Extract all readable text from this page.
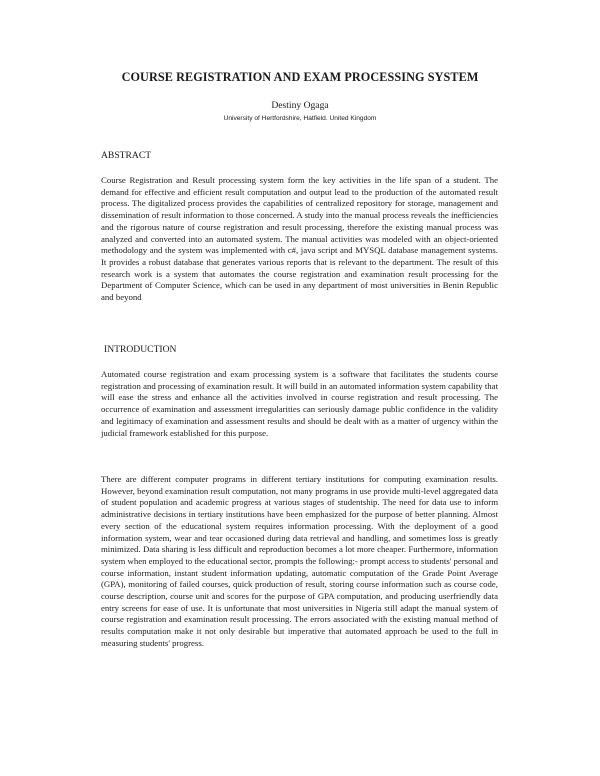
COURSE REGISTRATION AND EXAM PROCESSING SYSTEM
Destiny Ogaga
University of Hertfordshire, Hatfield. United Kingdom
ABSTRACT

Course Registration and Result processing system form the key activities in the life span of a student. The demand for effective and efficient result computation and output lead to the production of the automated result process. The digitalized process provides the capabilities of centralized repository for storage, management and dissemination of result information to those concerned. A study into the manual process reveals the inefficiencies and the rigorous nature of course registration and result processing, therefore the existing manual process was analyzed and converted into an automated system. The manual activities was modeled with an object-oriented methodology and the system was implemented with c#, java script and MYSQL database management systems. It provides a robust database that generates various reports that is relevant to the department. The result of this research work is a system that automates the course registration and examination result processing for the Department of Computer Science, which can be used in any department of most universities in Benin Republic and beyond

INTRODUCTION

Automated course registration and exam processing system is a software that facilitates the students course registration and processing of examination result. It will build in an automated information system capability that will ease the stress and enhance all the activities involved in course registration and result processing. The occurrence of examination and assessment irregularities can seriously damage public confidence in the validity and legitimacy of examination and assessment results and should be dealt with as a matter of urgency within the judicial framework established for this purpose.

There are different computer programs in different tertiary institutions for computing examination results. However, beyond examination result computation, not many programs in use provide multi-level aggregated data of student population and academic progress at various stages of studentship. The need for data use to inform administrative decisions in tertiary institutions have been emphasized for the purpose of better planning. Almost every section of the educational system requires information processing. With the deployment of a good information system, wear and tear occasioned during data retrieval and handling, and sometimes loss is greatly minimized. Data sharing is less difficult and reproduction becomes a lot more cheaper. Furthermore, information system when employed to the educational sector, prompts the following:- prompt access to students' personal and course information, instant student information updating, automatic computation of the Grade Point Average (GPA), monitoring of failed courses, quick production of result, storing course information such as course code, course description, course unit and scores for the purpose of GPA computation, and producing userfriendly data entry screens for ease of use. It is unfortunate that most universities in Nigeria still adapt the manual system of course registration and examination result processing. The errors associated with the existing manual method of results computation make it not only desirable but imperative that automated approach be used to the full in measuring students' progress.
